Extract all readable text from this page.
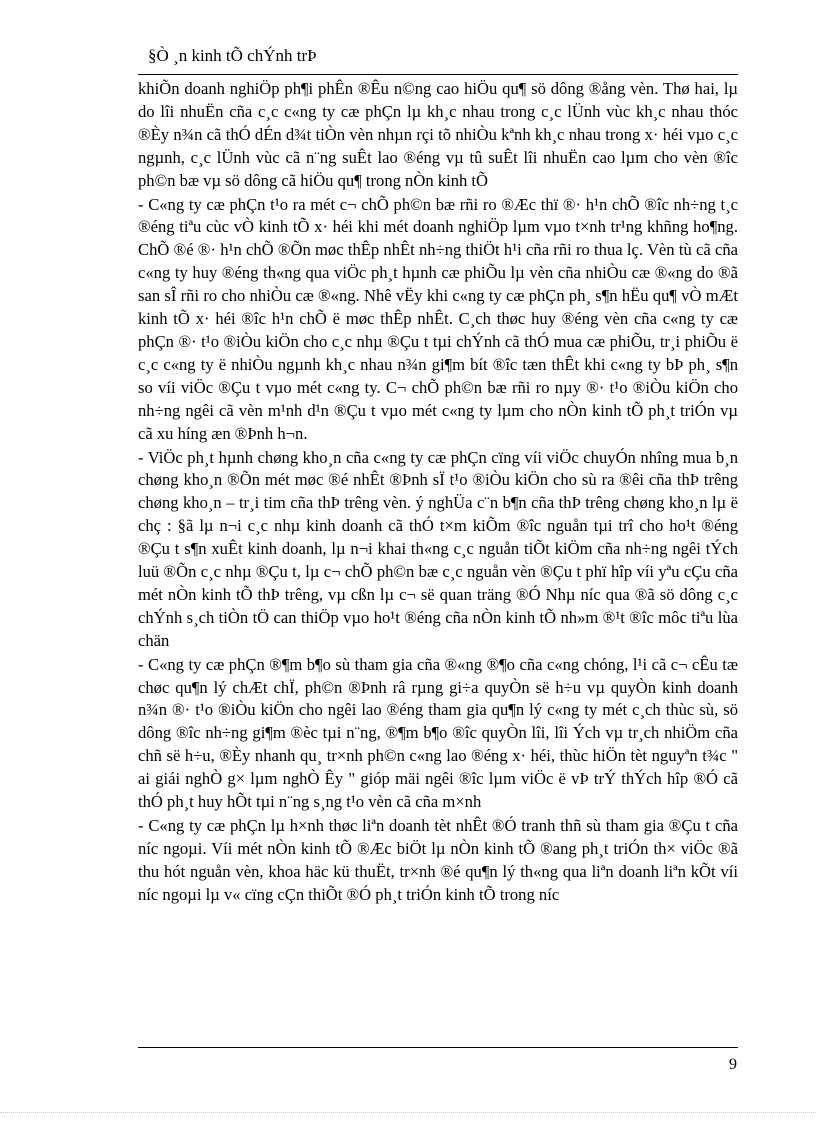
§Ò ¸n kinh tÕ chÝnh trÞ

khiÕn doanh nghiÖp ph¶i phÊn ®Êu n©ng cao hiÖu qu¶ sö dông ®ång vèn. Thø hai, lµ do lîi nhuËn cña c¸c c«ng ty cæ phÇn lµ kh¸c nhau trong c¸c lÜnh vùc kh¸c nhau thóc ®Èy n¾n cã thÓ dÉn d¾t tiÒn vèn nhµn rçi tõ nhiÒu kªnh kh¸c nhau trong x· héi vµo c¸c ngµnh, c¸c lÜnh vùc cã n¨ng suÊt lao ®éng vµ tû suÊt lîi nhuËn cao lµm cho vèn ®îc ph©n bæ vµ sö dông cã hiÖu qu¶ trong nÒn kinh tÕ

- C«ng ty cæ phÇn t¹o ra mét c¬ chÕ ph©n bæ rñi ro ®Æc thï ®· h¹n chÕ ®îc nh÷ng t¸c ®éng tiªu cùc vÒ kinh tÕ x· héi khi mét doanh nghiÖp lµm vµo t×nh tr¹ng khñng ho¶ng. ChÕ ®é ®· h¹n chÕ ®Õn møc thÊp nhÊt nh÷ng thiÖt h¹i cña rñi ro thua lç. Vèn tù cã cña c«ng ty huy ®éng th«ng qua viÖc ph¸t hµnh cæ phiÕu lµ vèn cña nhiÒu cæ ®«ng do ®ã san sÎ rñi ro cho nhiÒu cæ ®«ng. Nhê vËy khi c«ng ty cæ phÇn ph¸ s¶n hËu qu¶ vÒ mÆt kinh tÕ x· héi ®îc h¹n chÕ ë møc thÊp nhÊt. C¸ch thøc huy ®éng vèn cña c«ng ty cæ phÇn ®· t¹o ®iÒu kiÖn cho c¸c nhµ ®Çu t tµi chÝnh cã thÓ mua cæ phiÕu, tr¸i phiÕu ë c¸c c«ng ty ë nhiÒu ngµnh kh¸c nhau n¾n gi¶m bít ®îc tæn thÊt khi c«ng ty bÞ ph¸ s¶n so víi viÖc ®Çu t vµo mét c«ng ty. C¬ chÕ ph©n bæ rñi ro nµy ®· t¹o ®iÒu kiÖn cho nh÷ng ngêi cã vèn m¹nh d¹n ®Çu t vµo mét c«ng ty lµm cho nÒn kinh tÕ ph¸t triÓn vµ cã xu híng æn ®Þnh h¬n.

- ViÖc ph¸t hµnh chøng kho¸n cña c«ng ty cæ phÇn cïng víi viÖc chuyÓn nhîng mua b¸n chøng kho¸n ®Õn mét møc ®é nhÊt ®Þnh sÏ t¹o ®iÒu kiÖn cho sù ra ®êi cña thÞ trêng chøng kho¸n – tr¸i tim cña thÞ trêng vèn. ý nghÜa c¨n b¶n cña thÞ trêng chøng kho¸n lµ ë chç : §ã lµ n¬i c¸c nhµ kinh doanh cã thÓ t×m kiÕm ®îc nguån tµi trî cho ho¹t ®éng ®Çu t s¶n xuÊt kinh doanh, lµ n¬i khai th«ng c¸c nguån tiÕt kiÖm cña nh÷ng ngêi tÝch luü ®Õn c¸c nhµ ®Çu t, lµ c¬ chÕ ph©n bæ c¸c nguån vèn ®Çu t phï hîp víi yªu cÇu cña mét nÒn kinh tÕ thÞ trêng, vµ cßn lµ c¬ së quan träng ®Ó Nhµ níc qua ®ã sö dông c¸c chÝnh s¸ch tiÒn tÖ can thiÖp vµo ho¹t ®éng cña nÒn kinh tÕ nh»m ®¹t ®îc môc tiªu lùa chän

- C«ng ty cæ phÇn ®¶m b¶o sù tham gia cña ®«ng ®¶o cña c«ng chóng, l¹i cã c¬ cÊu tæ chøc qu¶n lý chÆt chÏ, ph©n ®Þnh râ rµng gi÷a quyÒn së h÷u vµ quyÒn kinh doanh n¾n ®· t¹o ®iÒu kiÖn cho ngêi lao ®éng tham gia qu¶n lý c«ng ty mét c¸ch thùc sù, sö dông ®îc nh÷ng gi¶m ®èc tµi n¨ng, ®¶m b¶o ®îc quyÒn lîi, lîi Ých vµ tr¸ch nhiÖm cña chñ së h÷u, ®Èy nhanh qu¸ tr×nh ph©n c«ng lao ®éng x· héi, thùc hiÖn tèt nguyªn t¾c " ai giái nghÒ g× lµm nghÒ Êy " gióp mäi ngêi ®îc lµm viÖc ë vÞ trÝ thÝch hîp ®Ó cã thÓ ph¸t huy hÕt tµi n¨ng s¸ng t¹o vèn cã cña m×nh

- C«ng ty cæ phÇn lµ h×nh thøc liªn doanh tèt nhÊt ®Ó tranh thñ sù tham gia ®Çu t cña níc ngoµi. Víi mét nÒn kinh tÕ ®Æc biÖt lµ nÒn kinh tÕ ®ang ph¸t triÓn th× viÖc ®ã thu hót nguån vèn, khoa häc kü thuËt, tr×nh ®é qu¶n lý th«ng qua liªn doanh liªn kÕt víi níc ngoµi lµ v« cïng cÇn thiÕt ®Ó ph¸t triÓn kinh tÕ trong níc

9
